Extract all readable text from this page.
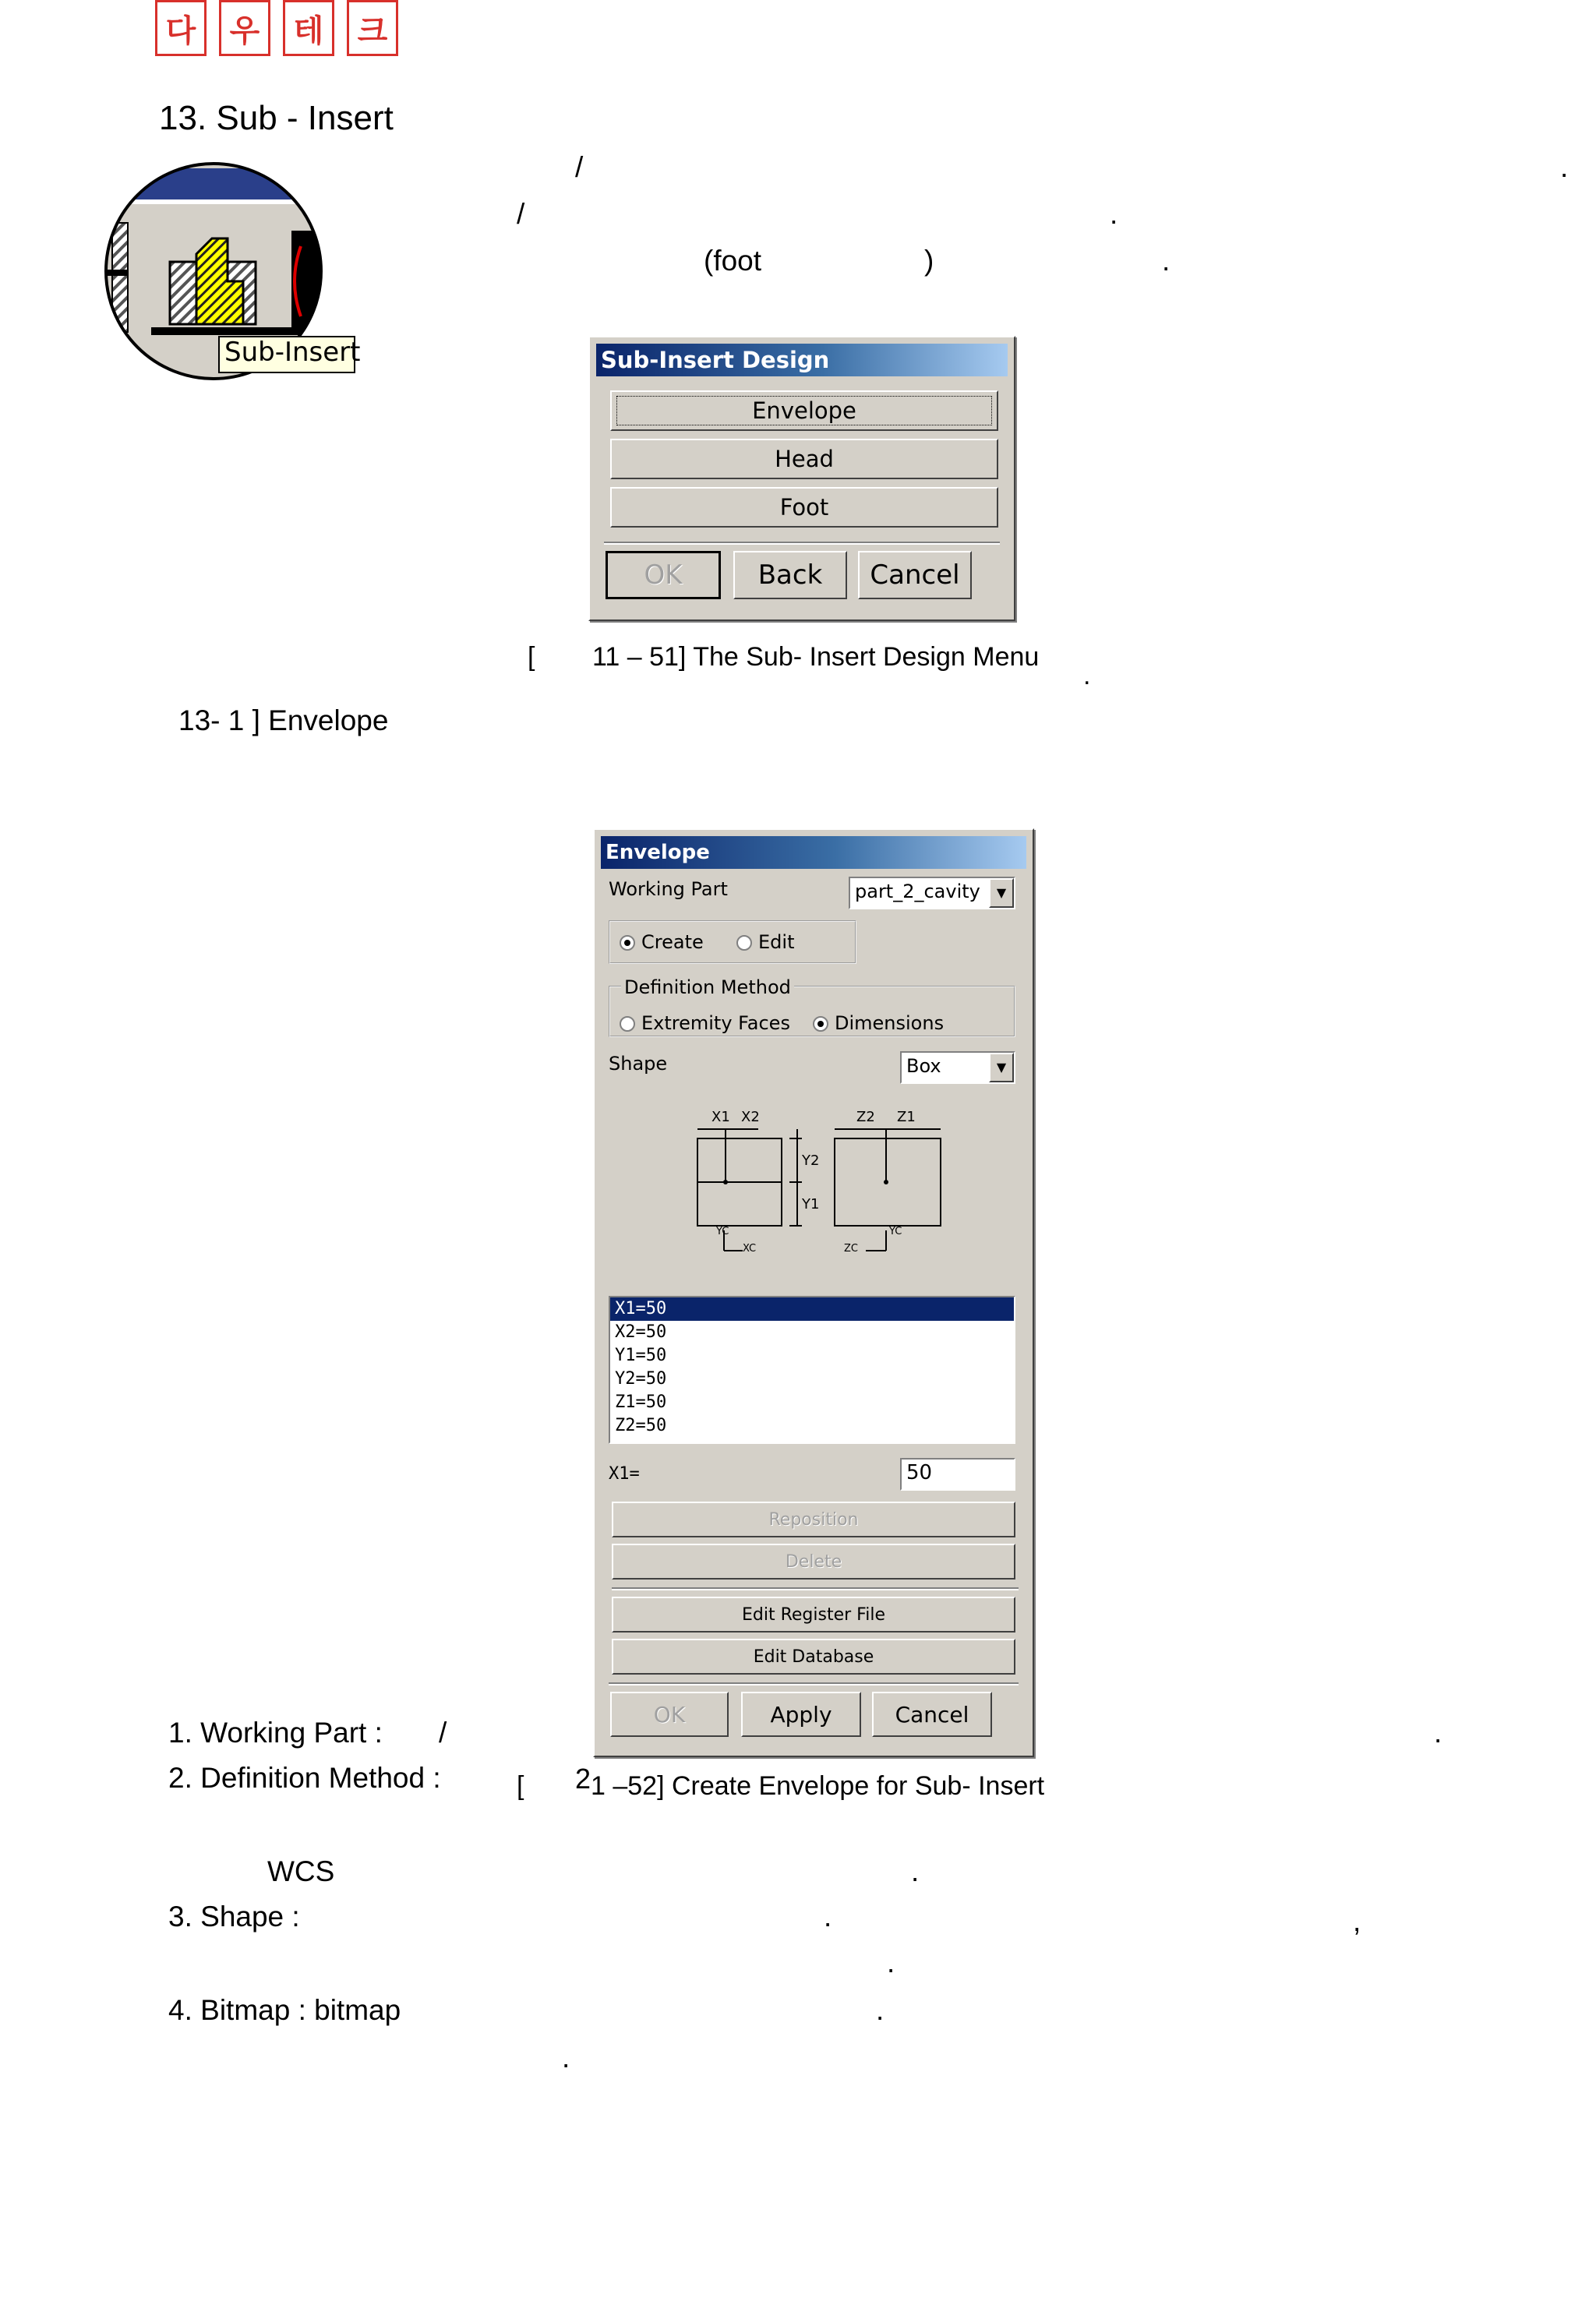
다	우	테	크
13. Sub - Insert
/	.
/	.
(foot	)	.
Sub-Insert	Sub-Insert Design
Envelope
Head
Foot
OK	Back	Cancel
[ 11 – 51] The Sub- Insert Design Menu
.
13- 1 ] Envelope
Envelope
Working Part	part_2_cavity	▼
Create	Edit
Definition Method
Extremity Faces	Dimensions
Shape	Box	▼
X1 X2
Y2
Y1
Z2 Z1
YC
XC
YC
ZC
X1=50
X2=50
Y1=50
Y2=50
Z1=50
Z2=50
X1=	50
Reposition
Delete
Edit Register File
Edit Database
OK	Apply	Cancel
1. Working Part : /	.
2. Definition Method :	[ 2 1 –52] Create Envelope for Sub- Insert
WCS	.
3. Shape :	.	,
.
4. Bitmap : bitmap	.
.
